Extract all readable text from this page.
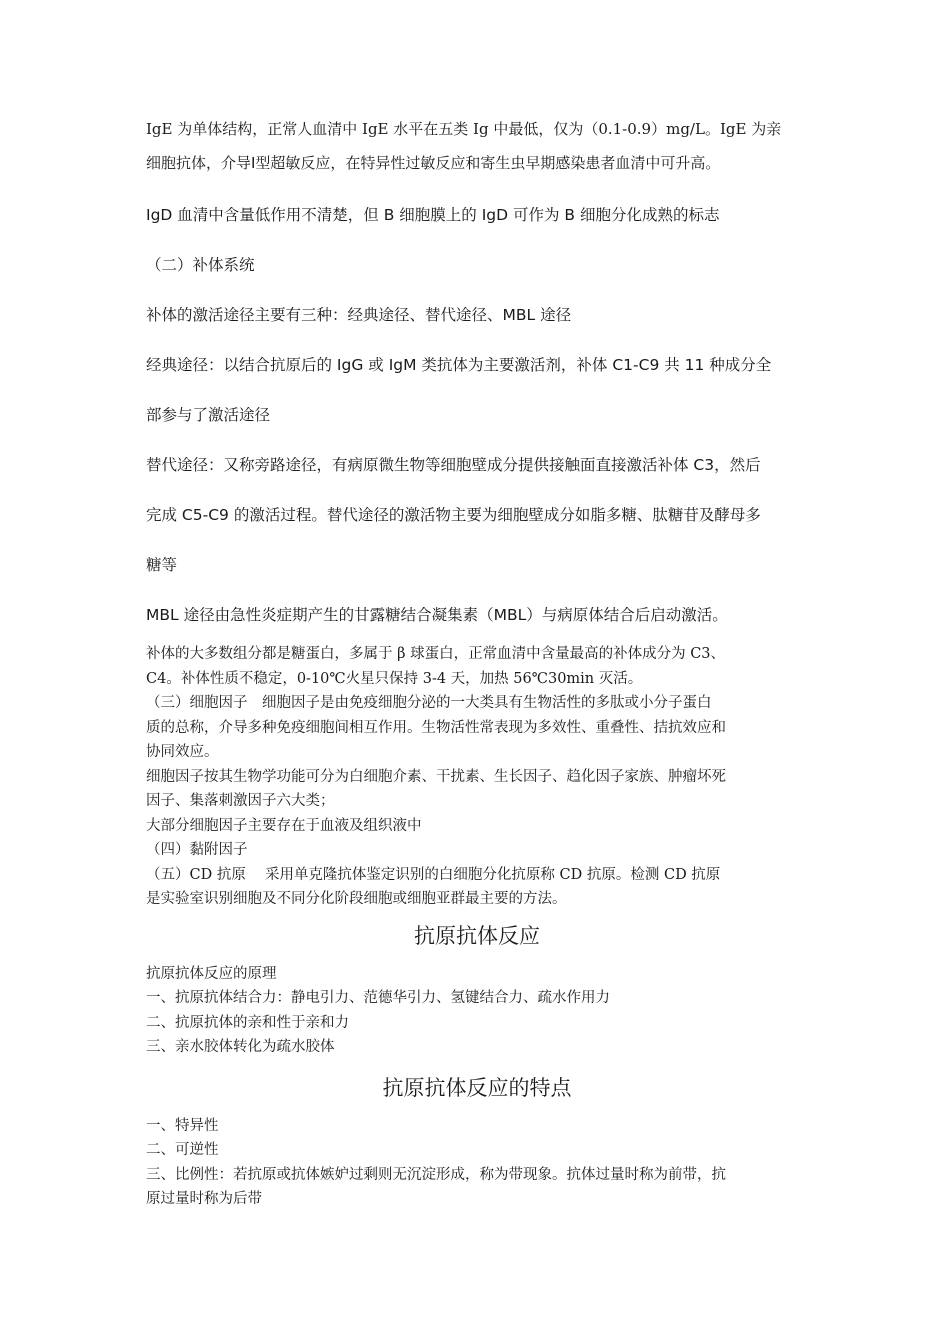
IgE 为单体结构，正常人血清中 IgE 水平在五类 Ig 中最低，仅为（0.1-0.9）mg/L。IgE 为亲

细胞抗体，介导Ⅰ型超敏反应，在特异性过敏反应和寄生虫早期感染患者血清中可升高。

IgD 血清中含量低作用不清楚，但 B 细胞膜上的 IgD 可作为 B 细胞分化成熟的标志

（二）补体系统

补体的激活途径主要有三种：经典途径、替代途径、MBL 途径

经典途径：以结合抗原后的 IgG 或 IgM 类抗体为主要激活剂，补体 C1-C9 共 11 种成分全

部参与了激活途径

替代途径：又称旁路途径，有病原微生物等细胞壁成分提供接触面直接激活补体 C3，然后

完成 C5-C9 的激活过程。替代途径的激活物主要为细胞壁成分如脂多糖、肽糖苷及酵母多

糖等

MBL 途径由急性炎症期产生的甘露糖结合凝集素（MBL）与病原体结合后启动激活。

补体的大多数组分都是糖蛋白，多属于 β 球蛋白，正常血清中含量最高的补体成分为 C3、

C4。补体性质不稳定，0-10℃火星只保持 3-4 天，加热 56℃30min 灭活。

（三）细胞因子　细胞因子是由免疫细胞分泌的一大类具有生物活性的多肽或小分子蛋白

质的总称，介导多种免疫细胞间相互作用。生物活性常表现为多效性、重叠性、拮抗效应和

协同效应。

细胞因子按其生物学功能可分为白细胞介素、干扰素、生长因子、趋化因子家族、肿瘤坏死

因子、集落刺激因子六大类；

大部分细胞因子主要存在于血液及组织液中

（四）黏附因子

（五）CD 抗原　 采用单克隆抗体鉴定识别的白细胞分化抗原称 CD 抗原。检测 CD 抗原

是实验室识别细胞及不同分化阶段细胞或细胞亚群最主要的方法。

抗原抗体反应

抗原抗体反应的原理

一、抗原抗体结合力：静电引力、范德华引力、氢键结合力、疏水作用力

二、抗原抗体的亲和性于亲和力

三、亲水胶体转化为疏水胶体

抗原抗体反应的特点

一、特异性

二、可逆性

三、比例性：若抗原或抗体嫉妒过剩则无沉淀形成，称为带现象。抗体过量时称为前带，抗

原过量时称为后带
